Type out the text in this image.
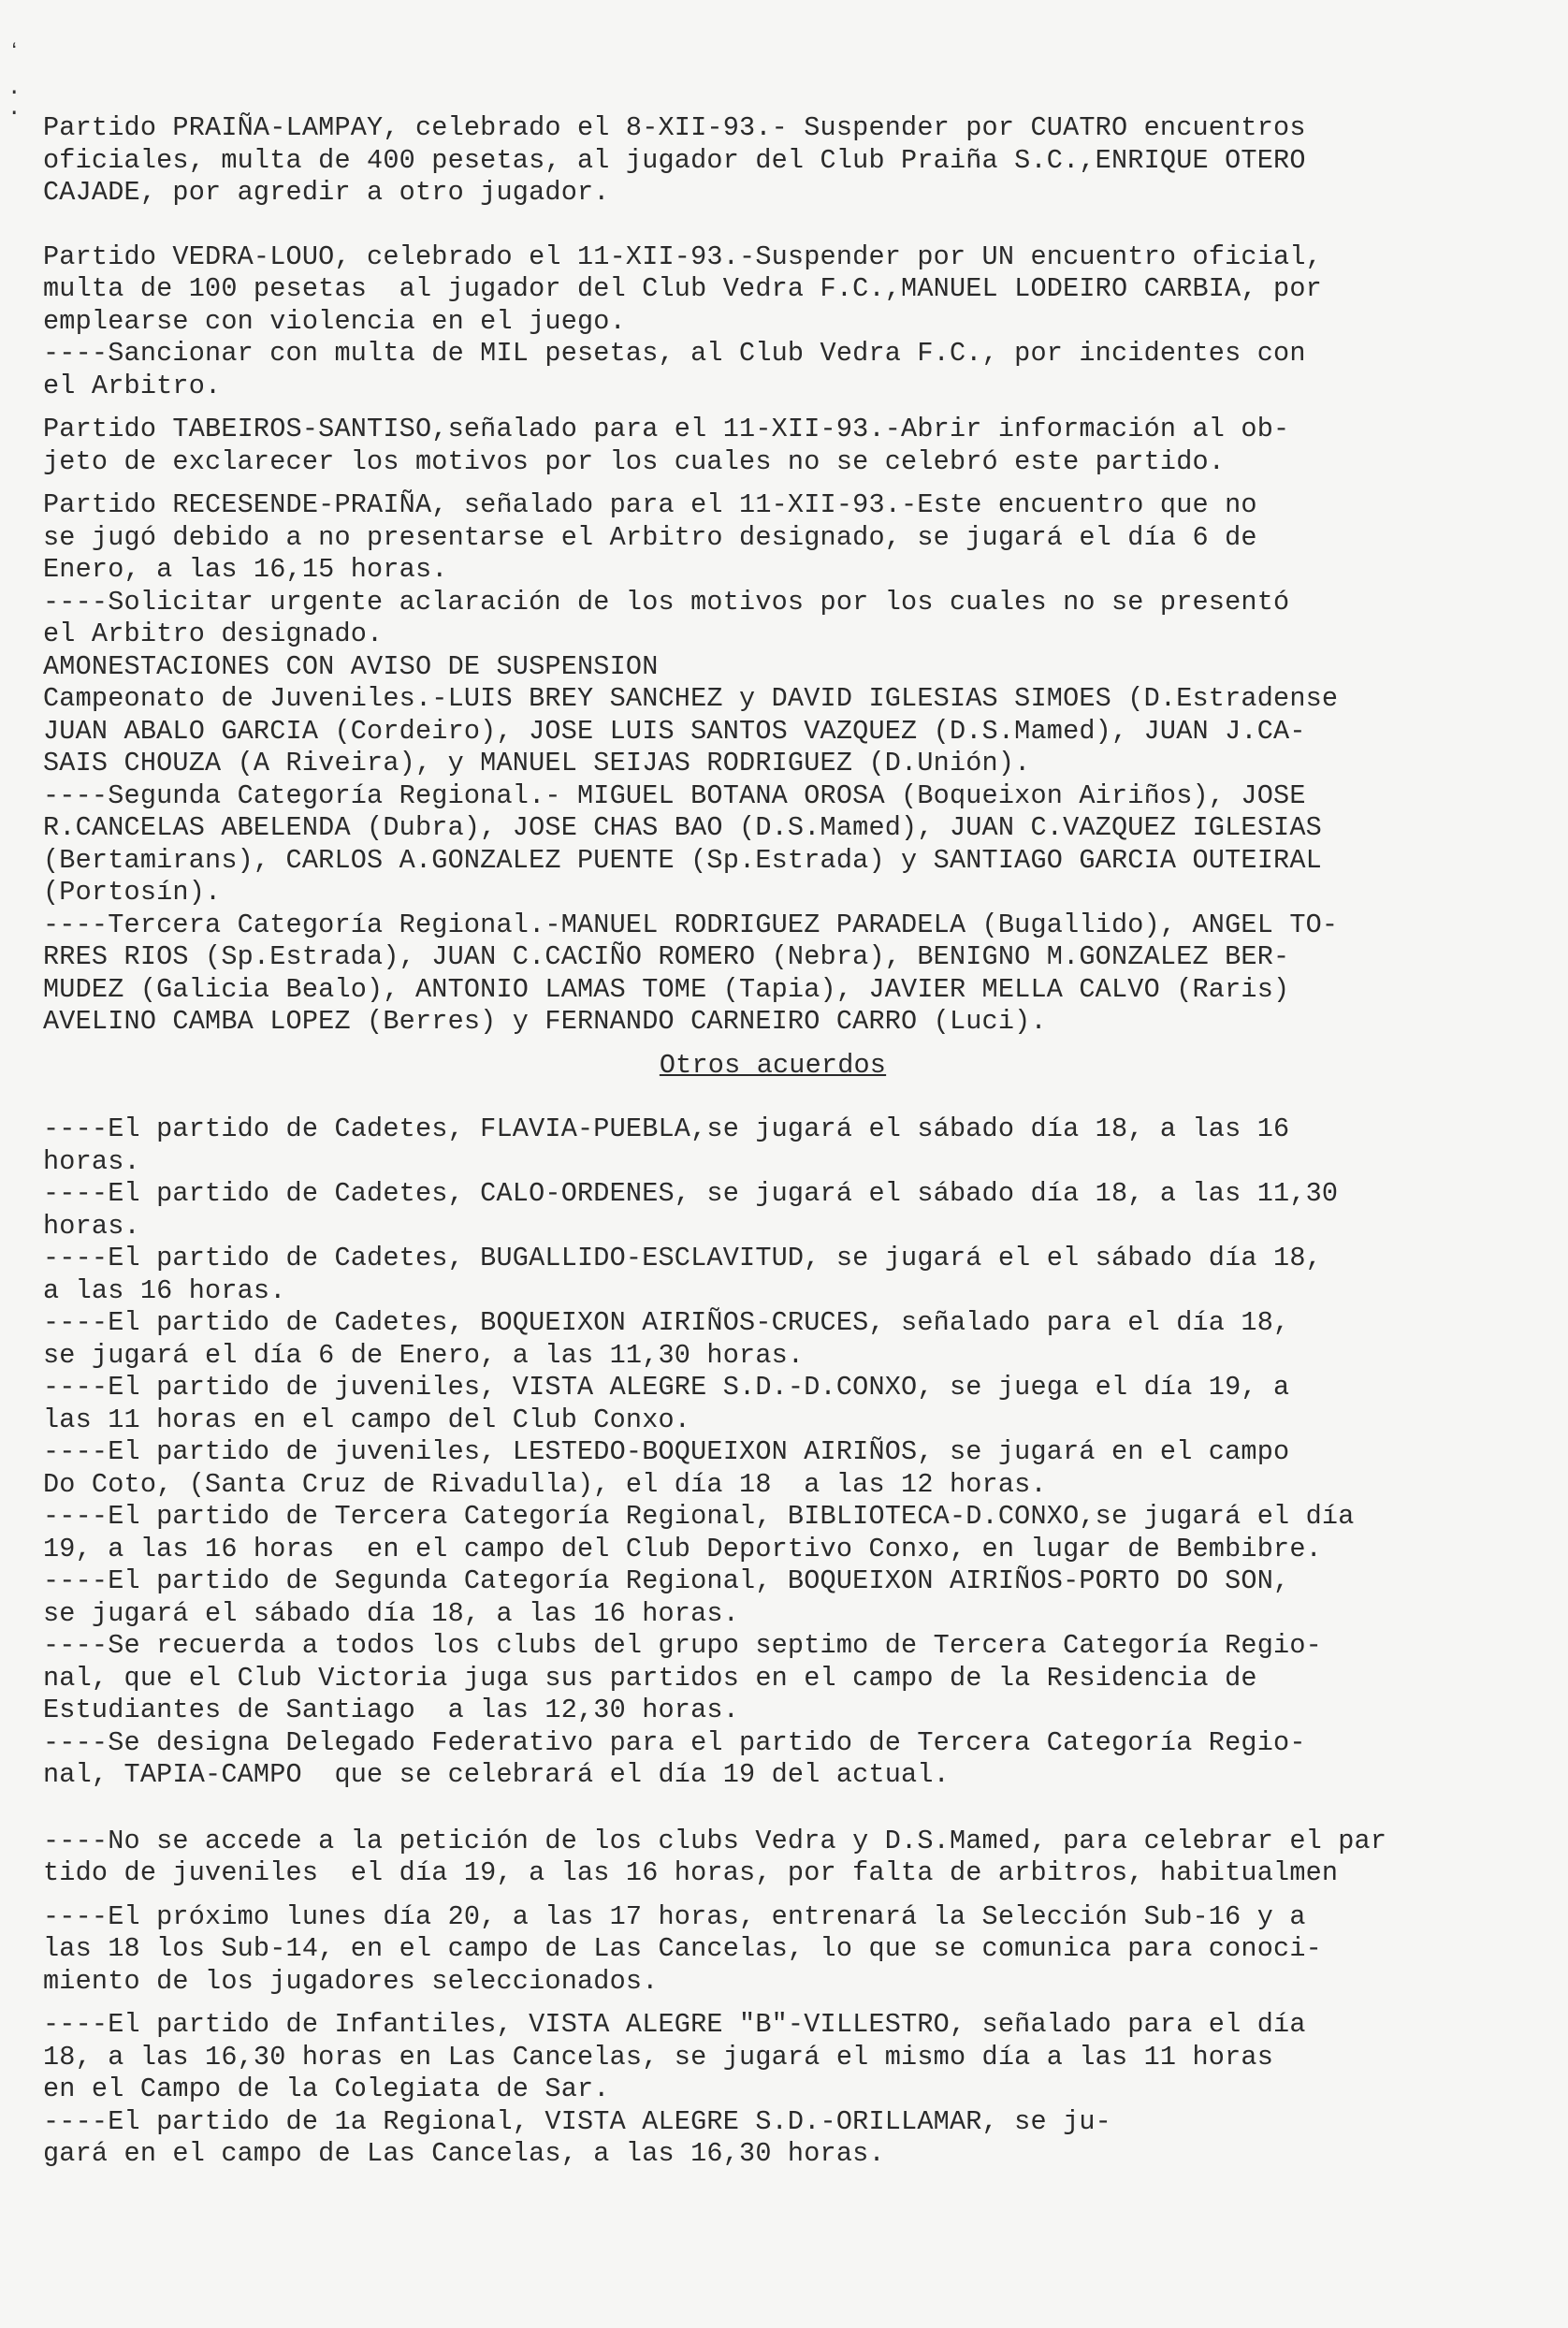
ʻ
·
· Partido PRAIÑA-LAMPAY, celebrado el 8-XII-93.- Suspender por CUATRO encuentros
oficiales, multa de 400 pesetas, al jugador del Club Praiña S.C.,ENRIQUE OTERO
CAJADE, por agredir a otro jugador.

Partido VEDRA-LOUO, celebrado el 11-XII-93.-Suspender por UN encuentro oficial,
multa de 100 pesetas  al jugador del Club Vedra F.C.,MANUEL LODEIRO CARBIA, por
emplearse con violencia en el juego.
----Sancionar con multa de MIL pesetas, al Club Vedra F.C., por incidentes con
el Arbitro.

Partido TABEIROS-SANTISO,señalado para el 11-XII-93.-Abrir información al ob-
jeto de exclarecer los motivos por los cuales no se celebró este partido.

Partido RECESENDE-PRAIÑA, señalado para el 11-XII-93.-Este encuentro que no
se jugó debido a no presentarse el Arbitro designado, se jugará el día 6 de
Enero, a las 16,15 horas.
----Solicitar urgente aclaración de los motivos por los cuales no se presentó
el Arbitro designado.

AMONESTACIONES CON AVISO DE SUSPENSION
Campeonato de Juveniles.-LUIS BREY SANCHEZ y DAVID IGLESIAS SIMOES (D.Estradense
JUAN ABALO GARCIA (Cordeiro), JOSE LUIS SANTOS VAZQUEZ (D.S.Mamed), JUAN J.CA-
SAIS CHOUZA (A Riveira), y MANUEL SEIJAS RODRIGUEZ (D.Unión).
----Segunda Categoría Regional.- MIGUEL BOTANA OROSA (Boqueixon Airiños), JOSE
R.CANCELAS ABELENDA (Dubra), JOSE CHAS BAO (D.S.Mamed), JUAN C.VAZQUEZ IGLESIAS
(Bertamirans), CARLOS A.GONZALEZ PUENTE (Sp.Estrada) y SANTIAGO GARCIA OUTEIRAL
(Portosín).
----Tercera Categoría Regional.-MANUEL RODRIGUEZ PARADELA (Bugallido), ANGEL TO-
RRES RIOS (Sp.Estrada), JUAN C.CACIÑO ROMERO (Nebra), BENIGNO M.GONZALEZ BER-
MUDEZ (Galicia Bealo), ANTONIO LAMAS TOME (Tapia), JAVIER MELLA CALVO (Raris)
AVELINO CAMBA LOPEZ (Berres) y FERNANDO CARNEIRO CARRO (Luci).

Otros acuerdos

----El partido de Cadetes, FLAVIA-PUEBLA,se jugará el sábado día 18, a las 16
horas.
----El partido de Cadetes, CALO-ORDENES, se jugará el sábado día 18, a las 11,30
horas.
----El partido de Cadetes, BUGALLIDO-ESCLAVITUD, se jugará el el sábado día 18,
a las 16 horas.
----El partido de Cadetes, BOQUEIXON AIRIÑOS-CRUCES, señalado para el día 18,
se jugará el día 6 de Enero, a las 11,30 horas.
----El partido de juveniles, VISTA ALEGRE S.D.-D.CONXO, se juega el día 19, a
las 11 horas en el campo del Club Conxo.
----El partido de juveniles, LESTEDO-BOQUEIXON AIRIÑOS, se jugará en el campo
Do Coto, (Santa Cruz de Rivadulla), el día 18  a las 12 horas.
----El partido de Tercera Categoría Regional, BIBLIOTECA-D.CONXO,se jugará el día
19, a las 16 horas  en el campo del Club Deportivo Conxo, en lugar de Bembibre.
----El partido de Segunda Categoría Regional, BOQUEIXON AIRIÑOS-PORTO DO SON,
se jugará el sábado día 18, a las 16 horas.
----Se recuerda a todos los clubs del grupo septimo de Tercera Categoría Regio-
nal, que el Club Victoria juga sus partidos en el campo de la Residencia de
Estudiantes de Santiago  a las 12,30 horas.
----Se designa Delegado Federativo para el partido de Tercera Categoría Regio-
nal, TAPIA-CAMPO  que se celebrará el día 19 del actual.

----No se accede a la petición de los clubs Vedra y D.S.Mamed, para celebrar el par
tido de juveniles  el día 19, a las 16 horas, por falta de arbitros, habitualmen

----El próximo lunes día 20, a las 17 horas, entrenará la Selección Sub-16 y a
las 18 los Sub-14, en el campo de Las Cancelas, lo que se comunica para conoci-
miento de los jugadores seleccionados.

----El partido de Infantiles, VISTA ALEGRE "B"-VILLESTRO, señalado para el día
18, a las 16,30 horas en Las Cancelas, se jugará el mismo día a las 11 horas
en el Campo de la Colegiata de Sar.
----El partido de 1a Regional, VISTA ALEGRE S.D.-ORILLAMAR, se ju-
gará en el campo de Las Cancelas, a las 16,30 horas.
